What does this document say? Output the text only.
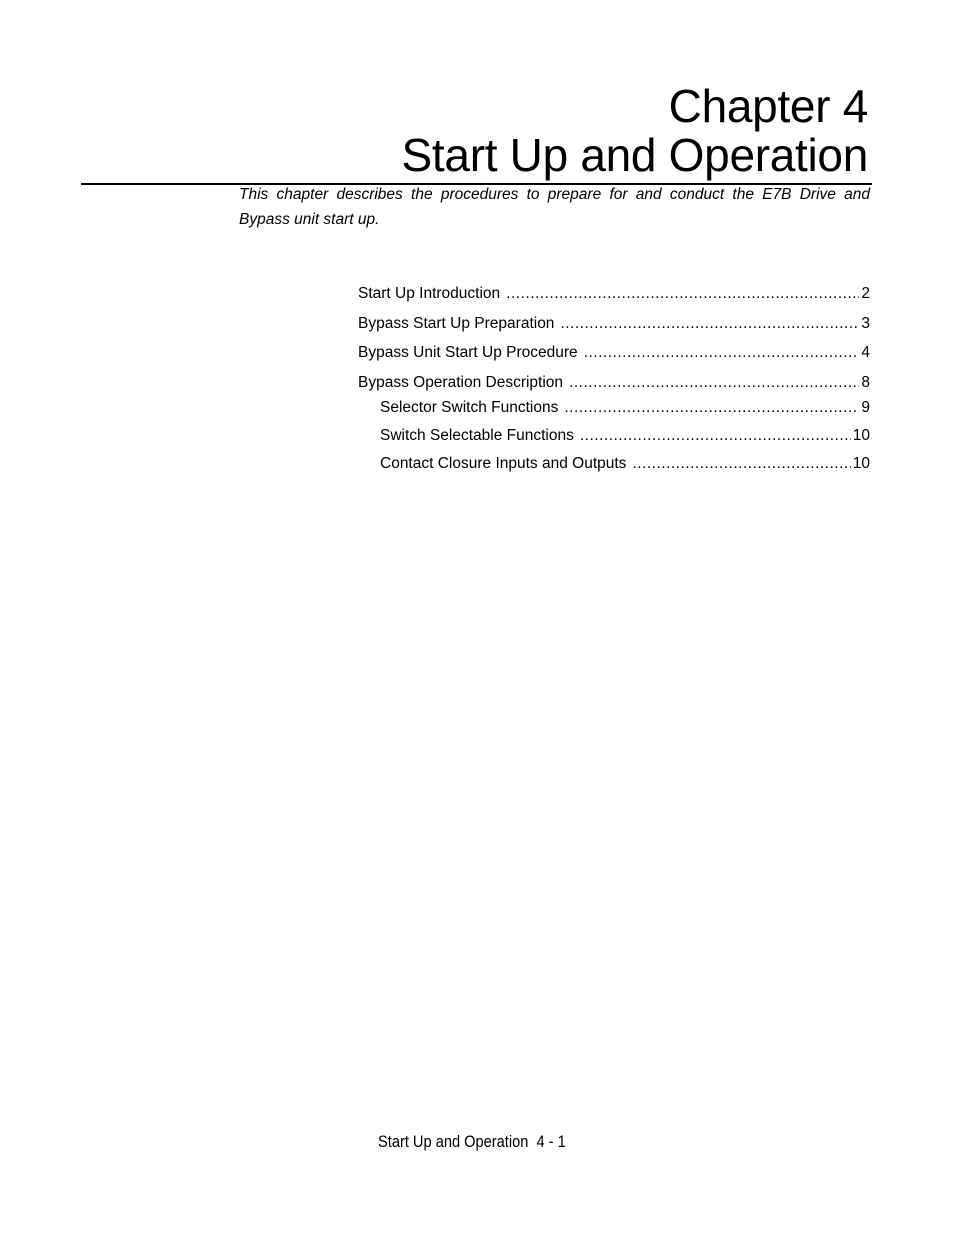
Chapter 4
Start Up and Operation

This chapter describes the procedures to prepare for and conduct the E7B Drive and Bypass unit start up.

Start Up Introduction .....	2
Bypass Start Up Preparation .....	3
Bypass Unit Start Up Procedure .....	4
Bypass Operation Description .....	8
Selector Switch Functions .....	9
Switch Selectable Functions .....	10
Contact Closure Inputs and Outputs .....	10
Start Up and Operation  4 - 1
